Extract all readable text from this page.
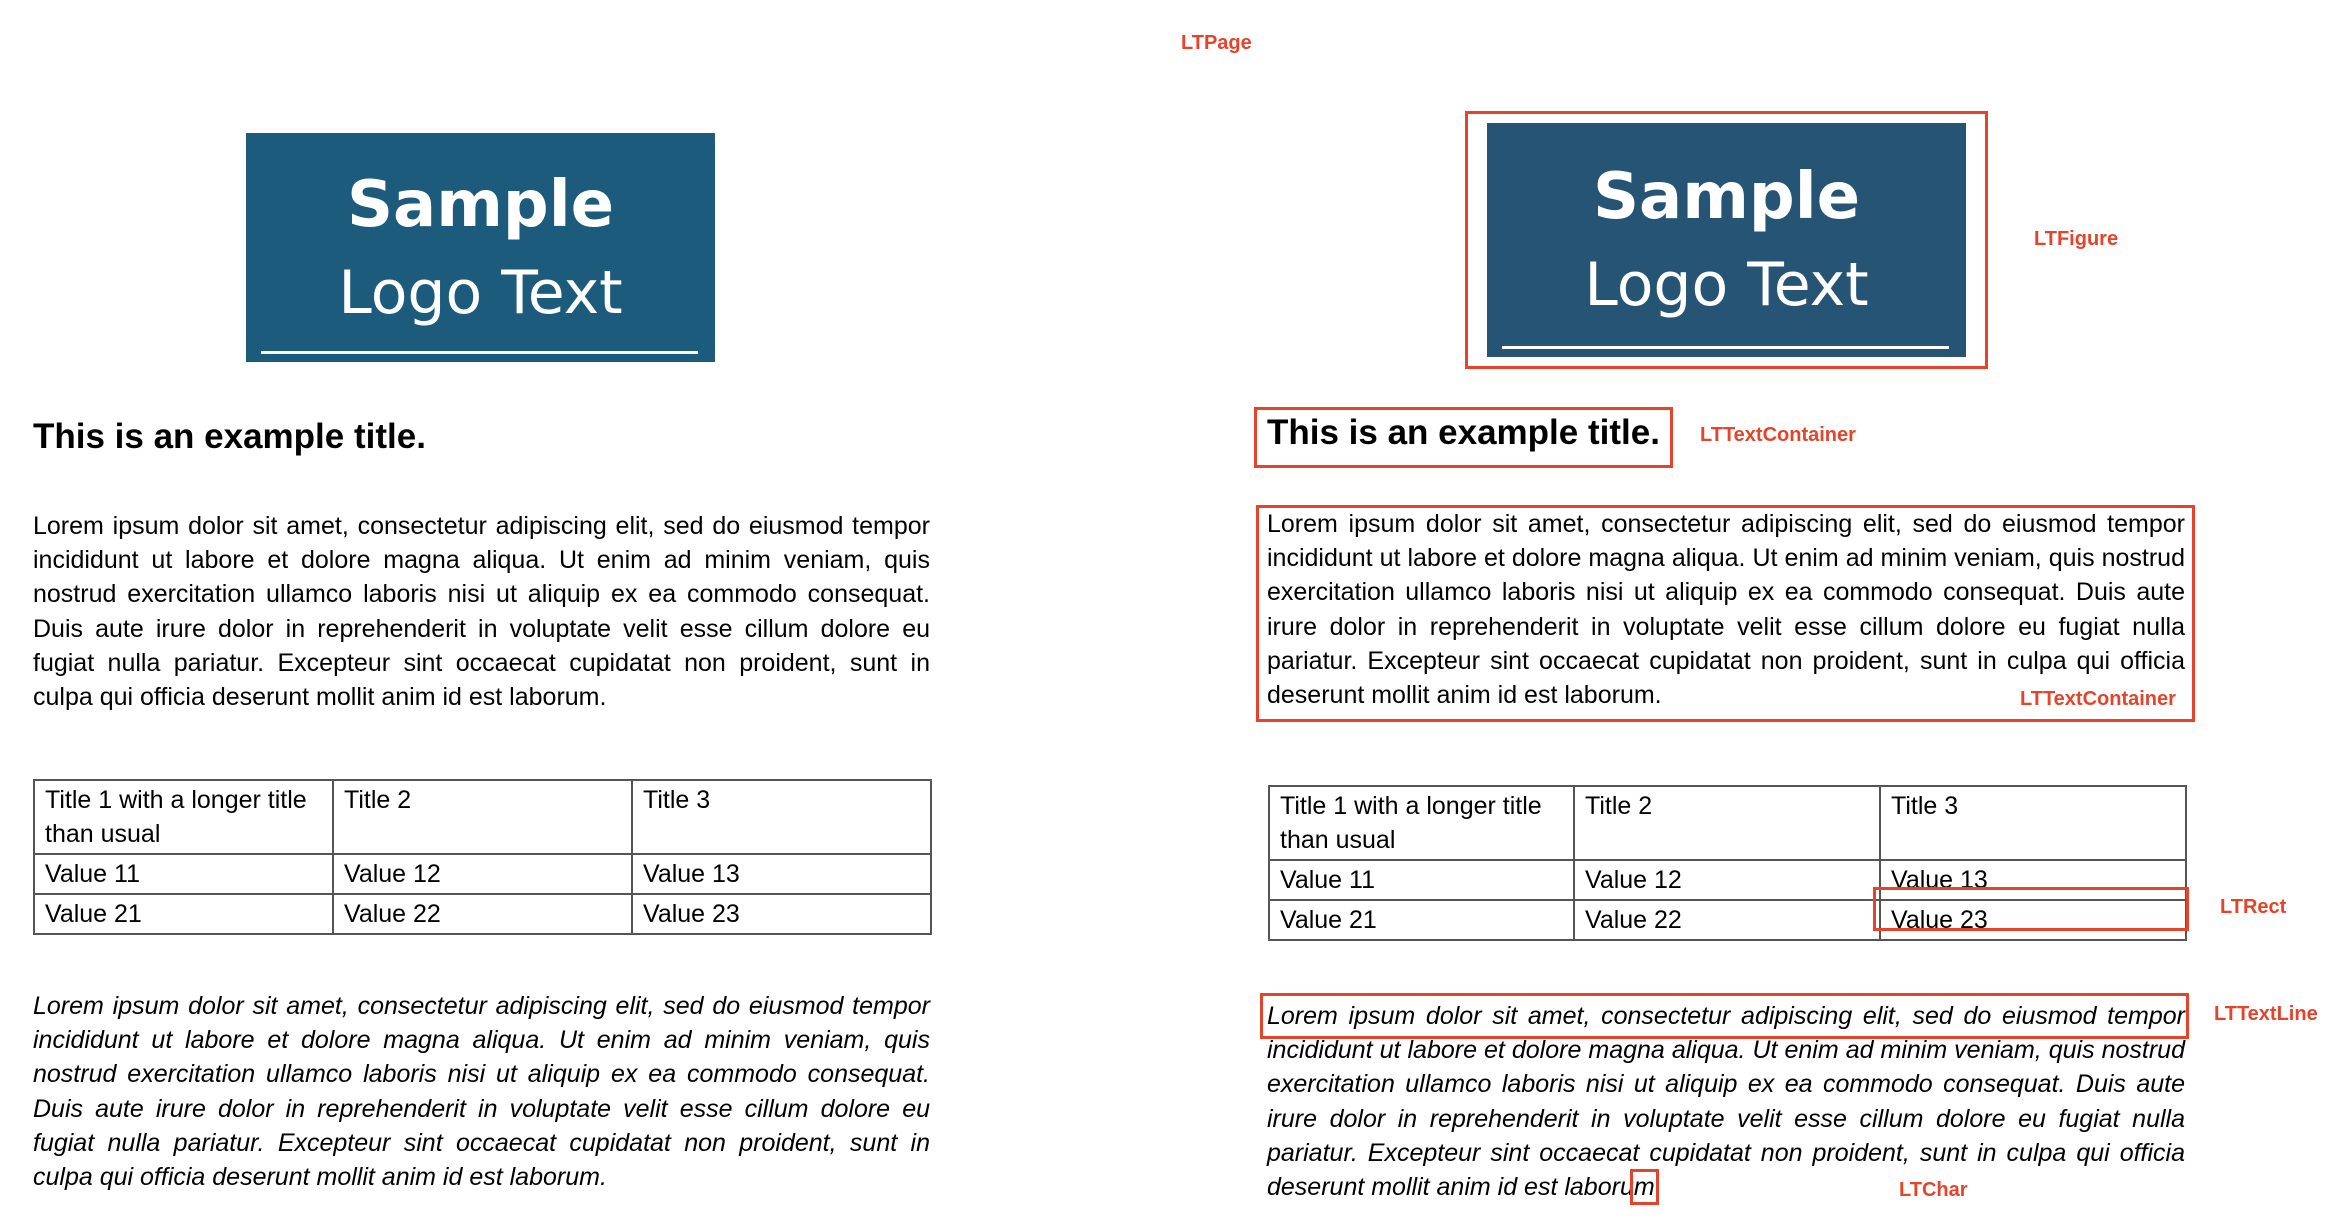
Sample
Logo Text
This is an example title.

Lorem ipsum dolor sit amet, consectetur adipiscing elit, sed do eiusmod tempor incididunt ut labore et dolore magna aliqua. Ut enim ad minim veniam, quis nostrud exercitation ullamco laboris nisi ut aliquip ex ea commodo consequat. Duis aute irure dolor in reprehenderit in voluptate velit esse cillum dolore eu fugiat nulla pariatur. Excepteur sint occaecat cupidatat non proident, sunt in culpa qui officia deserunt mollit anim id est laborum.

Title 1 with a longer title than usual	Title 2	Title 3
Value 11	Value 12	Value 13
Value 21	Value 22	Value 23

Lorem ipsum dolor sit amet, consectetur adipiscing elit, sed do eiusmod tempor incididunt ut labore et dolore magna aliqua. Ut enim ad minim veniam, quis nostrud exercitation ullamco laboris nisi ut aliquip ex ea commodo consequat. Duis aute irure dolor in reprehenderit in voluptate velit esse cillum dolore eu fugiat nulla pariatur. Excepteur sint occaecat cupidatat non proident, sunt in culpa qui officia deserunt mollit anim id est laborum.

LTPage
Sample
Logo Text
LTFigure
This is an example title. LTTextContainer

Lorem ipsum dolor sit amet, consectetur adipiscing elit, sed do eiusmod tempor incididunt ut labore et dolore magna aliqua. Ut enim ad minim veniam, quis nostrud exercitation ullamco laboris nisi ut aliquip ex ea commodo consequat. Duis aute irure dolor in reprehenderit in voluptate velit esse cillum dolore eu fugiat nulla pariatur. Excepteur sint occaecat cupidatat non proident, sunt in culpa qui officia deserunt mollit anim id est laborum.	LTTextContainer
Title 1 with a longer title than usual	Title 2	Title 3
Value 11	Value 12	Value 13
Value 21	Value 22	Value 23	LTRect

Lorem ipsum dolor sit amet, consectetur adipiscing elit, sed do eiusmod tempor incididunt ut labore et dolore magna aliqua. Ut enim ad minim veniam, quis nostrud exercitation ullamco laboris nisi ut aliquip ex ea commodo consequat. Duis aute irure dolor in reprehenderit in voluptate velit esse cillum dolore eu fugiat nulla pariatur. Excepteur sint occaecat cupidatat non proident, sunt in culpa qui officia deserunt mollit anim id est laborum

LTTextLine
LTChar
